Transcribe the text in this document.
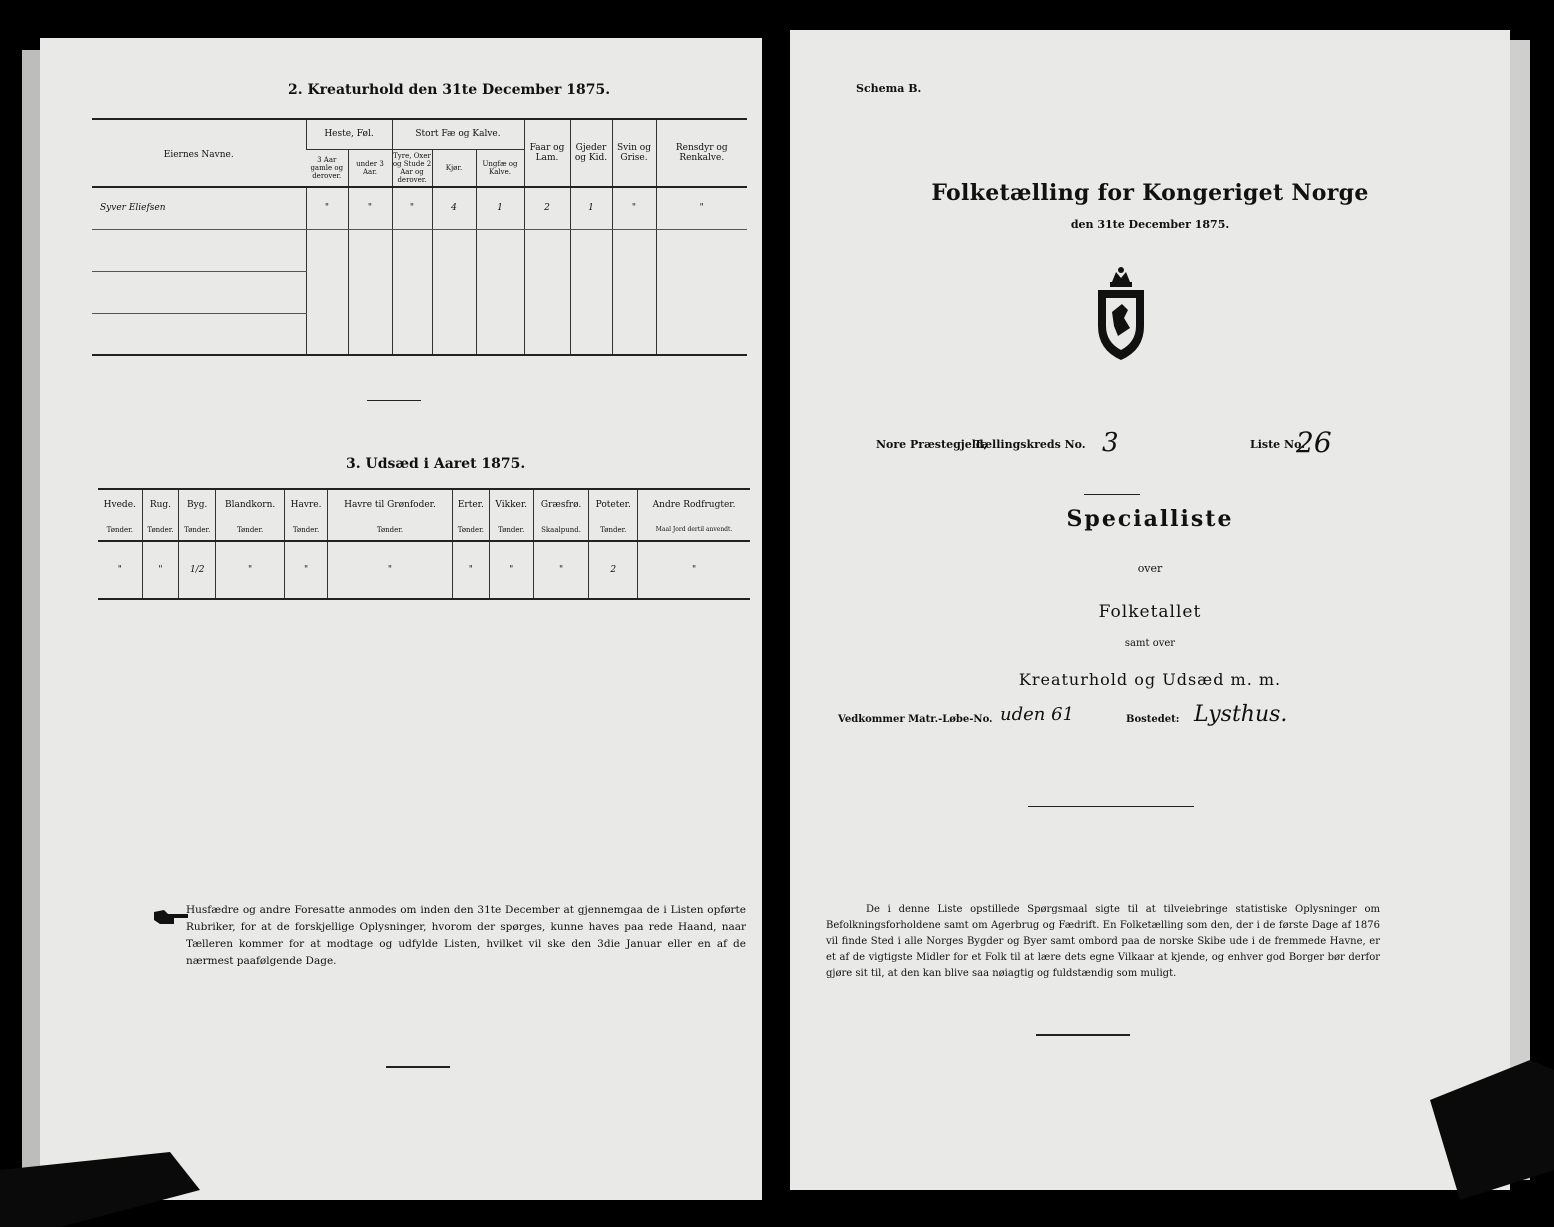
2. Kreaturhold den 31te December 1875.
Eiernes Navne.	Heste, Føl.		Stort Fæ og Kalve.			Faar og Lam.	Gjeder og Kid.	Svin og Grise.	Rensdyr og Renkalve.
	3 Aar gamle og derover.	under 3 Aar.	Tyre, Oxer og Stude 2 Aar og derover.	Kjør.	Ungfæ og Kalve.				
Syver Eliefsen	"	"	"	4	1	2	1	"	"

3. Udsæd i Aaret 1875.
Hvede.	Rug.	Byg.	Blandkorn.	Havre.	Havre til Grønfoder.	Erter.	Vikker.	Græsfrø.	Poteter.	Andre Rodfrugter.
Tønder.	Tønder.	Tønder.	Tønder.	Tønder.	Tønder.	Tønder.	Tønder.	Skaalpund.	Tønder.	Maal Jord dertil anvendt.
"	"	1/2	"	"	"	"	"	"	2	"
Husfædre og andre Foresatte anmodes om inden den 31te December at gjennemgaa de i Listen opførte Rubriker, for at de forskjellige Oplysninger, hvorom der spørges, kunne haves paa rede Haand, naar Tælleren kommer for at modtage og udfylde Listen, hvilket vil ske den 3die Januar eller en af de nærmest paafølgende Dage.
Schema B.
Folketælling for Kongeriget Norge
den 31te December 1875.
Nore Præstegjeld,
Tællingskreds No. 3	Liste No.
26
Specialliste
over
Folketallet
samt over
Kreaturhold og Udsæd m. m.
Vedkommer Matr.-Løbe-No. uden 61	Bostedet: Lysthus.
De i denne Liste opstillede Spørgsmaal sigte til at tilveiebringe statistiske Oplysninger om Befolkningsforholdene samt om Agerbrug og Fædrift. En Folketælling som den, der i de første Dage af 1876 vil finde Sted i alle Norges Bygder og Byer samt ombord paa de norske Skibe ude i de fremmede Havne, er et af de vigtigste Midler for et Folk til at lære dets egne Vilkaar at kjende, og enhver god Borger bør derfor gjøre sit til, at den kan blive saa nøiagtig og fuldstændig som muligt.
